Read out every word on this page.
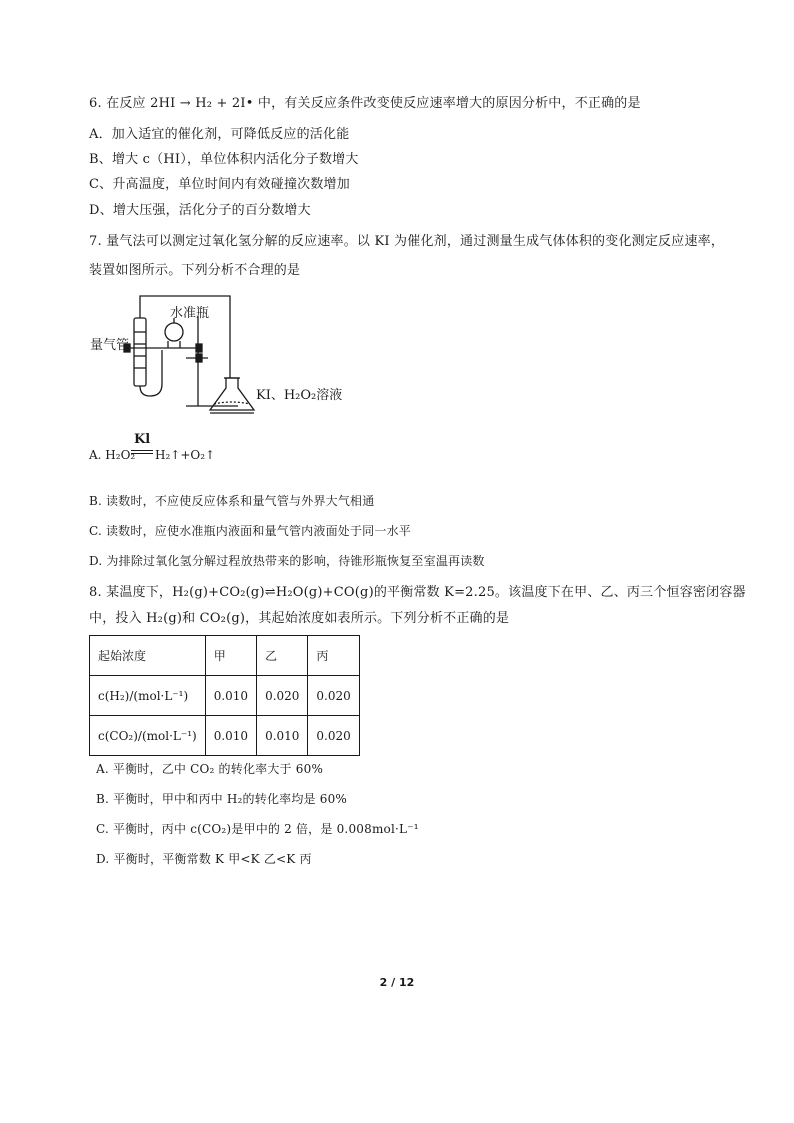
6. 在反应 2HI → H₂ + 2I• 中，有关反应条件改变使反应速率增大的原因分析中，不正确的是
A．加入适宜的催化剂，可降低反应的活化能
B、增大 c（HI），单位体积内活化分子数增大
C、升高温度，单位时间内有效碰撞次数增加
D、增大压强，活化分子的百分数增大
7. 量气法可以测定过氧化氢分解的反应速率。以 KI 为催化剂，通过测量生成气体体积的变化测定反应速率，
装置如图所示。下列分析不合理的是
水准瓶
量气管
KI、H₂O₂溶液
A. H₂O₂
Kl
H₂↑+O₂↑
B. 读数时，不应使反应体系和量气管与外界大气相通
C. 读数时，应使水准瓶内液面和量气管内液面处于同一水平
D. 为排除过氧化氢分解过程放热带来的影响，待锥形瓶恢复至室温再读数
8. 某温度下，H₂(g)+CO₂(g)⇌H₂O(g)+CO(g)的平衡常数 K=2.25。该温度下在甲、乙、丙三个恒容密闭容器
中，投入 H₂(g)和 CO₂(g)，其起始浓度如表所示。下列分析不正确的是
起始浓度	甲	乙	丙
c(H₂)/(mol·L⁻¹)	0.010	0.020	0.020
c(CO₂)/(mol·L⁻¹)	0.010	0.010	0.020
A. 平衡时，乙中 CO₂ 的转化率大于 60%
B. 平衡时，甲中和丙中 H₂的转化率均是 60%
C. 平衡时，丙中 c(CO₂)是甲中的 2 倍，是 0.008mol·L⁻¹
D. 平衡时，平衡常数 K 甲<K 乙<K 丙
2 / 12
